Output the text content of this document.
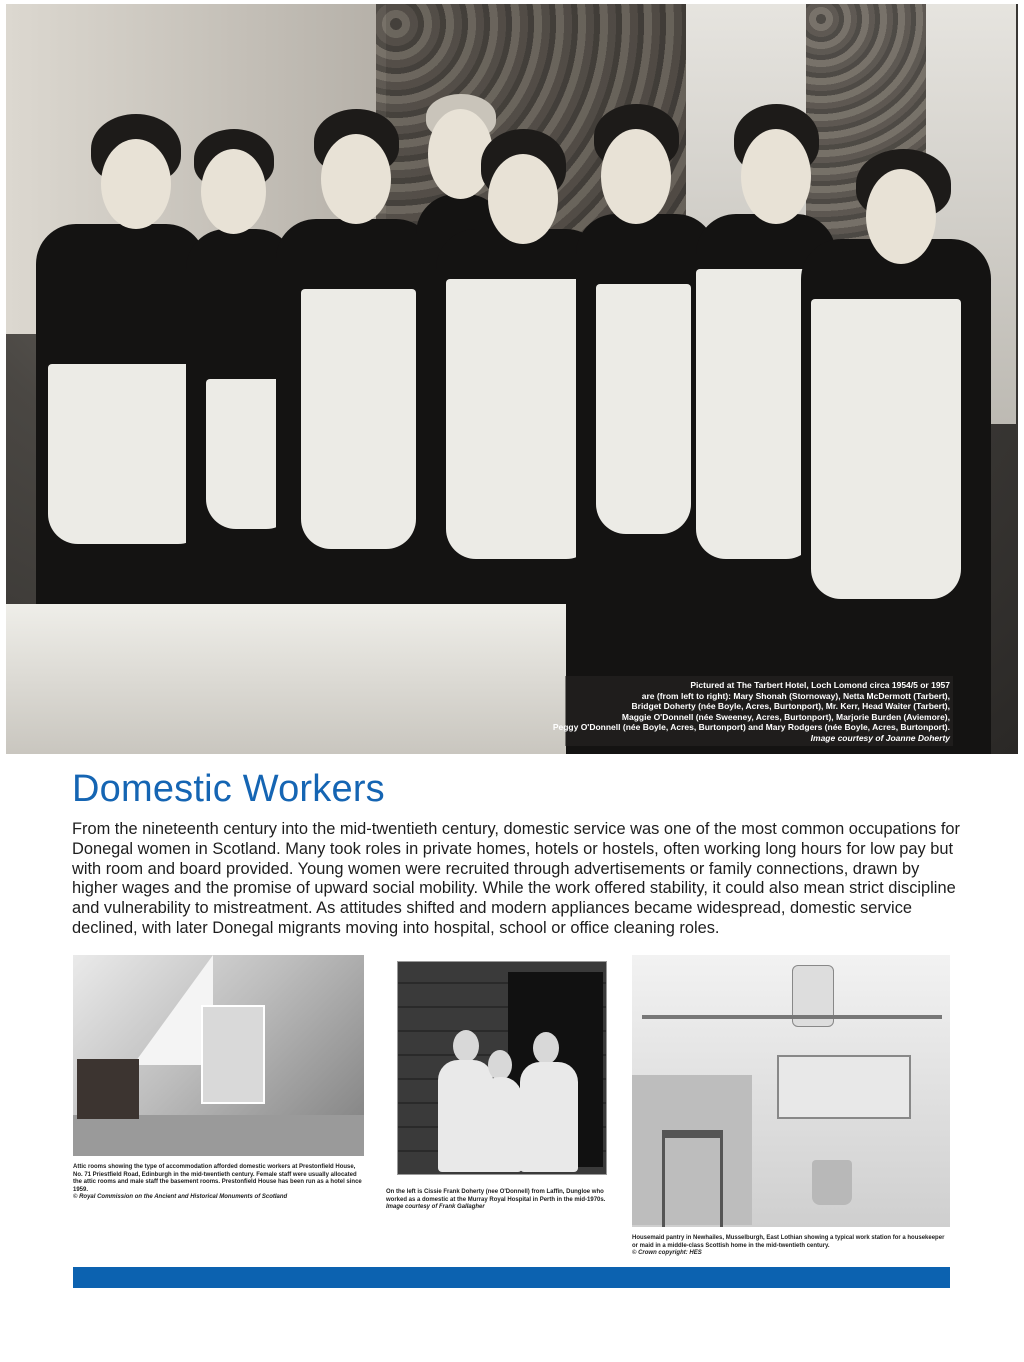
Pictured at The Tarbert Hotel, Loch Lomond circa 1954/5 or 1957
are (from left to right): Mary Shonah (Stornoway), Netta McDermott (Tarbert),
Bridget Doherty (née Boyle, Acres, Burtonport), Mr. Kerr, Head Waiter (Tarbert),
Maggie O'Donnell (née Sweeney, Acres, Burtonport), Marjorie Burden (Aviemore),
Peggy O'Donnell (née Boyle, Acres, Burtonport) and Mary Rodgers (née Boyle, Acres, Burtonport).
Image courtesy of Joanne Doherty

Domestic Workers

From the nineteenth century into the mid-twentieth century, domestic service was one of the most common occupations for Donegal women in Scotland. Many took roles in private homes, hotels or hostels, often working long hours for low pay but with room and board provided. Young women were recruited through advertisements or family connections, drawn by higher wages and the promise of upward social mobility. While the work offered stability, it could also mean strict discipline and vulnerability to mistreatment. As attitudes shifted and modern appliances became widespread, domestic service declined, with later Donegal migrants moving into hospital, school or office cleaning roles.

Attic rooms showing the type of accommodation afforded domestic workers at Prestonfield House, No. 71 Priestfield Road, Edinburgh in the mid-twentieth century. Female staff were usually allocated the attic rooms and male staff the basement rooms. Prestonfield House has been run as a hotel since 1959.
© Royal Commission on the Ancient and Historical Monuments of Scotland

On the left is Cissie Frank Doherty (nee O'Donnell) from Laffin, Dungloe who worked as a domestic at the Murray Royal Hospital in Perth in the mid-1970s.
Image courtesy of Frank Gallagher

Housemaid pantry in Newhailes, Musselburgh, East Lothian showing a typical work station for a housekeeper or maid in a middle-class Scottish home in the mid-twentieth century.
© Crown copyright: HES
